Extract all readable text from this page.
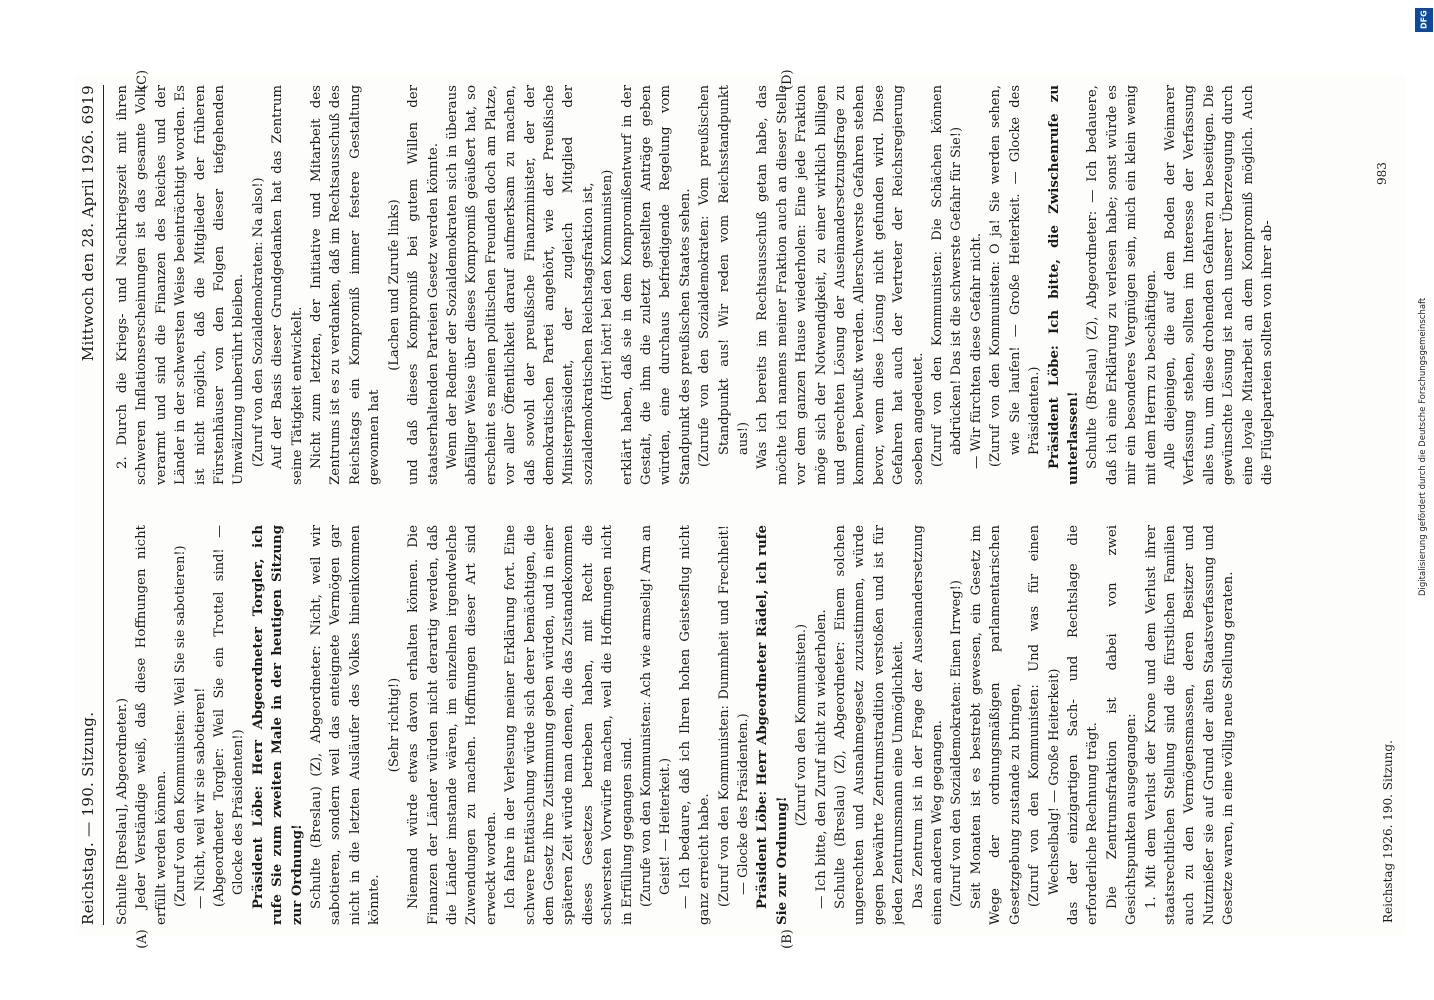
Reichstag. — 190. Sitzung.
Mittwoch den 28. April 1926. 6919
(A)	(B)
(C)	(D)

Schulte [Breslau], Abgeordneter.) Jeder Verständige weiß, daß diese Hoffnungen nicht erfüllt werden können. (Zuruf von den Kommunisten: Weil Sie sie sabotieren!) — Nicht, weil wir sie sabotieren! (Abgeordneter Torgler: Weil Sie ein Trottel sind! — Glocke des Präsidenten!) Präsident Löbe: Herr Abgeordneter Torgler, ich rufe Sie zum zweiten Male in der heutigen Sitzung zur Ordnung! Schulte (Breslau) (Z), Abgeordneter: Nicht, weil wir sabotieren, sondern weil das enteignete Vermögen gar nicht in die letzten Ausläufer des Volkes hineinkommen könnte.

(Sehr richtig!) Niemand würde etwas davon erhalten können. Die Finanzen der Länder würden nicht derartig werden, daß die Länder imstande wären, im einzelnen irgendwelche Zuwendungen zu machen. Hoffnungen dieser Art sind erweckt worden. Ich fahre in der Verlesung meiner Erklärung fort. Eine schwere Enttäuschung würde sich derer bemächtigen, die dem Gesetz ihre Zustimmung geben würden, und in einer späteren Zeit würde man denen, die das Zustandekommen dieses Gesetzes betrieben haben, mit Recht die schwersten Vorwürfe machen, weil die Hoffnungen nicht in Erfüllung gegangen sind. (Zurufe von den Kommunisten: Ach wie armselig! Arm an Geist! — Heiterkeit.) — Ich bedaure, daß ich Ihren hohen Geistesflug nicht ganz erreicht habe. (Zuruf von den Kommunisten: Dummheit und Frechheit! — Glocke des Präsidenten.) Präsident Löbe: Herr Abgeordneter Rädel, ich rufe Sie zur Ordnung!

(Zuruf von den Kommunisten.) — Ich bitte, den Zuruf nicht zu wiederholen. Schulte (Breslau) (Z), Abgeordneter: Einem solchen ungerechten und Ausnahmegesetz zuzustimmen, würde gegen bewährte Zentrumstradition verstoßen und ist für jeden Zentrumsmann eine Unmöglichkeit. Das Zentrum ist in der Frage der Auseinandersetzung einen anderen Weg gegangen. (Zuruf von den Sozialdemokraten: Einen Irrweg!) Seit Monaten ist es bestrebt gewesen, ein Gesetz im Wege der ordnungsmäßigen parlamentarischen Gesetzgebung zustande zu bringen, (Zuruf von den Kommunisten: Und was für einen Wechselbalg! — Große Heiterkeit) das der einzigartigen Sach- und Rechtslage die erforderliche Rechnung trägt. Die Zentrumsfraktion ist dabei von zwei Gesichtspunkten ausgegangen: 1. Mit dem Verlust der Krone und dem Verlust ihrer staatsrechtlichen Stellung sind die fürstlichen Familien auch zu den Vermögensmassen, deren Besitzer und Nutznießer sie auf Grund der alten Staatsverfassung und Gesetze waren, in eine völlig neue Stellung geraten.

2. Durch die Kriegs- und Nachkriegszeit mit ihren schweren Inflationserscheinungen ist das gesamte Volk verarmt und sind die Finanzen des Reiches und der Länder in der schwersten Weise beeinträchtigt worden. Es ist nicht möglich, daß die Mitglieder der früheren Fürstenhäuser von den Folgen dieser tiefgehenden Umwälzung unberührt bleiben. (Zuruf von den Sozialdemokraten: Na also!) Auf der Basis dieser Grundgedanken hat das Zentrum seine Tätigkeit entwickelt. Nicht zum letzten, der Initiative und Mitarbeit des Zentrums ist es zu verdanken, daß im Rechtsausschuß des Reichstags ein Kompromiß immer festere Gestaltung gewonnen hat

(Lachen und Zurufe links) und daß dieses Kompromiß bei gutem Willen der staatserhaltenden Parteien Gesetz werden könnte. Wenn der Redner der Sozialdemokraten sich in überaus abfälliger Weise über dieses Kompromiß geäußert hat, so erscheint es meinen politischen Freunden doch am Platze, vor aller Öffentlichkeit darauf aufmerksam zu machen, daß sowohl der preußische Finanzminister, der der demokratischen Partei angehört, wie der Preußische Ministerpräsident, der zugleich Mitglied der sozialdemokratischen Reichstagsfraktion ist, (Hört! hört! bei den Kommunisten) erklärt haben, daß sie in dem Kompromißentwurf in der Gestalt, die ihm die zuletzt gestellten Anträge geben würden, eine durchaus befriedigende Regelung vom Standpunkt des preußischen Staates sehen. (Zurufe von den Sozialdemokraten: Vom preußischen Standpunkt aus! Wir reden vom Reichsstandpunkt aus!) Was ich bereits im Rechtsausschuß getan habe, das möchte ich namens meiner Fraktion auch an dieser Stelle vor dem ganzen Hause wiederholen: Eine jede Fraktion möge sich der Notwendigkeit, zu einer wirklich billigen und gerechten Lösung der Auseinandersetzungsfrage zu kommen, bewußt werden. Allerschwerste Gefahren stehen bevor, wenn diese Lösung nicht gefunden wird. Diese Gefahren hat auch der Vertreter der Reichsregierung soeben angedeutet. (Zuruf von den Kommunisten: Die Schächen können abdrücken! Das ist die schwerste Gefahr für Sie!) — Wir fürchten diese Gefahr nicht. (Zuruf von den Kommunisten: O ja! Sie werden sehen, wie Sie laufen! — Große Heiterkeit. — Glocke des Präsidenten.) Präsident Löbe: Ich bitte, die Zwischenrufe zu unterlassen! Schulte (Breslau) (Z), Abgeordneter: — Ich bedauere, daß ich eine Erklärung zu verlesen habe; sonst würde es mir ein besonderes Vergnügen sein, mich ein klein wenig mit dem Herrn zu beschäftigen. Alle diejenigen, die auf dem Boden der Weimarer Verfassung stehen, sollten im Interesse der Verfassung alles tun, um diese drohenden Gefahren zu beseitigen. Die gewünschte Lösung ist nach unserer Überzeugung durch eine loyale Mitarbeit an dem Kompromiß möglich. Auch die Flügelparteien sollten von ihrer ab-

Reichstag 1926. 190. Sitzung.
983
DFG
Digitalisierung gefördert durch die Deutsche Forschungsgemeinschaft
